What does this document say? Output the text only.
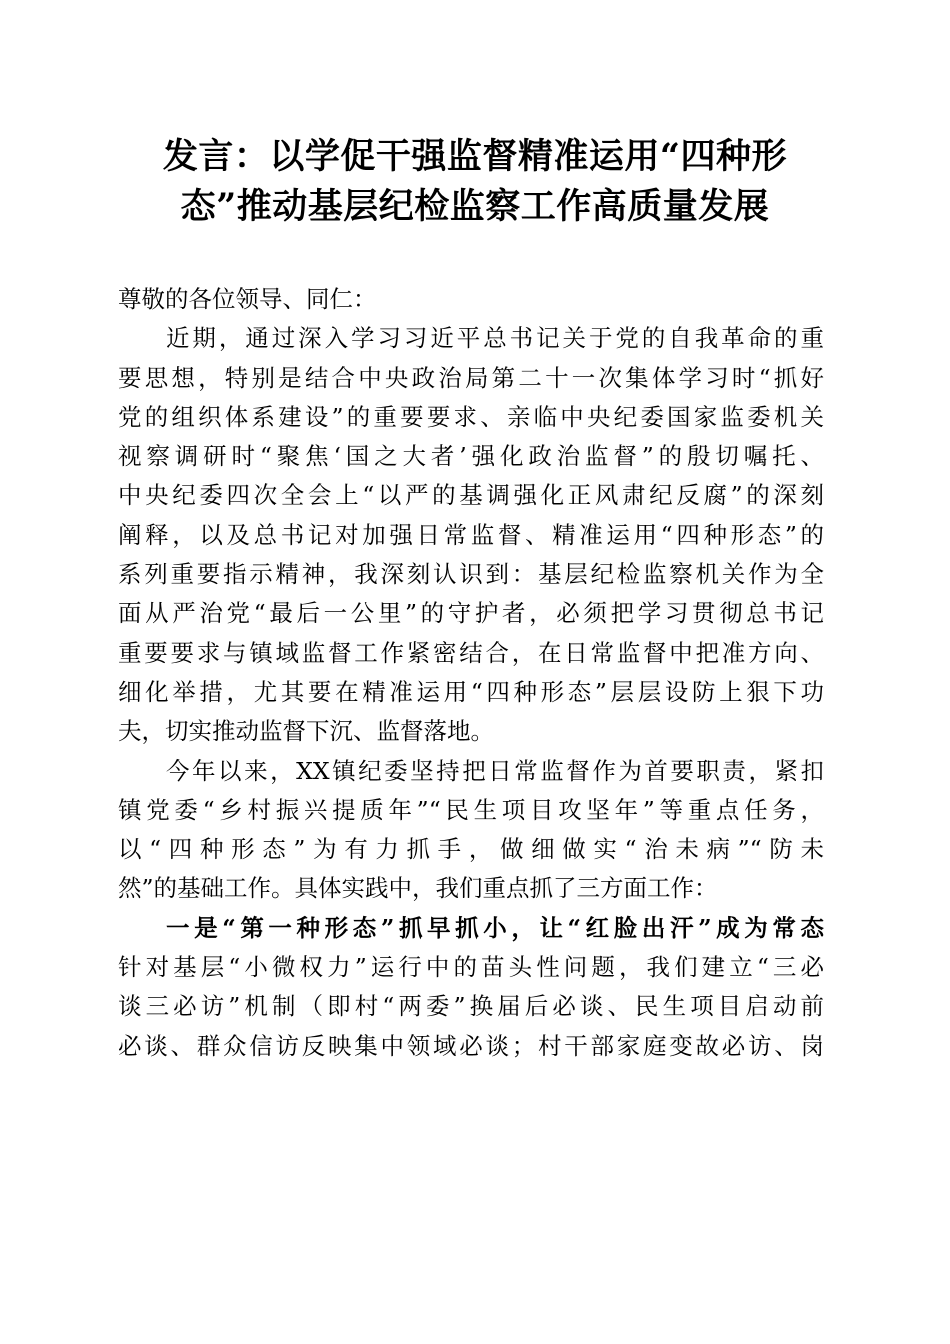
发言：以学促干强监督精准运用“四种形
态”推动基层纪检监察工作高质量发展
尊敬的各位领导、同仁：
近期，通过深入学习习近平总书记关于党的自我革命的重
要思想，特别是结合中央政治局第二十一次集体学习时“抓好
党的组织体系建设”的重要要求、亲临中央纪委国家监委机关
视察调研时“聚焦‘国之大者’强化政治监督”的殷切嘱托、
中央纪委四次全会上“以严的基调强化正风肃纪反腐”的深刻
阐释，以及总书记对加强日常监督、精准运用“四种形态”的
系列重要指示精神，我深刻认识到：基层纪检监察机关作为全
面从严治党“最后一公里”的守护者，必须把学习贯彻总书记
重要要求与镇域监督工作紧密结合，在日常监督中把准方向、
细化举措，尤其要在精准运用“四种形态”层层设防上狠下功
夫，切实推动监督下沉、监督落地。
今年以来，XX镇纪委坚持把日常监督作为首要职责，紧扣
镇党委“乡村振兴提质年”“民生项目攻坚年”等重点任务，
以“四种形态”为有力抓手，做细做实“治未病”“防未
然”的基础工作。具体实践中，我们重点抓了三方面工作：
一是“第一种形态”抓早抓小，让“红脸出汗”成为常态
针对基层“小微权力”运行中的苗头性问题，我们建立“三必
谈三必访”机制（即村“两委”换届后必谈、民生项目启动前
必谈、群众信访反映集中领域必谈；村干部家庭变故必访、岗
